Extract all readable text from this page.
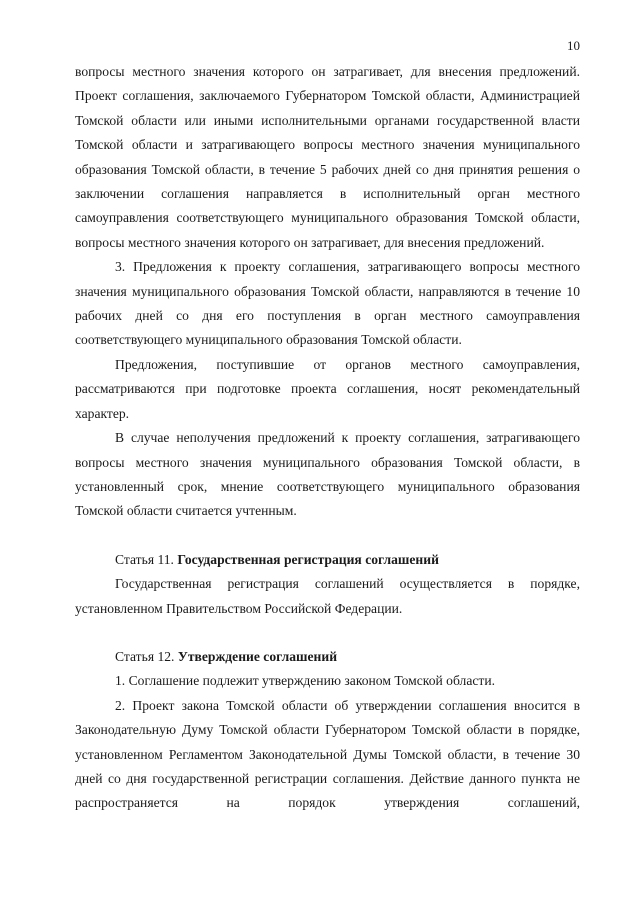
10

вопросы местного значения которого он затрагивает, для внесения предложений. Проект соглашения, заключаемого Губернатором Томской области, Администрацией Томской области или иными исполнительными органами государственной власти Томской области и затрагивающего вопросы местного значения муниципального образования Томской области, в течение 5 рабочих дней со дня принятия решения о заключении соглашения направляется в исполнительный орган местного самоуправления соответствующего муниципального образования Томской области, вопросы местного значения которого он затрагивает, для внесения предложений.

3. Предложения к проекту соглашения, затрагивающего вопросы местного значения муниципального образования Томской области, направляются в течение 10 рабочих дней со дня его поступления в орган местного самоуправления соответствующего муниципального образования Томской области.

Предложения, поступившие от органов местного самоуправления, рассматриваются при подготовке проекта соглашения, носят рекомендательный характер.

В случае неполучения предложений к проекту соглашения, затрагивающего вопросы местного значения муниципального образования Томской области, в установленный срок, мнение соответствующего муниципального образования Томской области считается учтенным.

Статья 11. Государственная регистрация соглашений

Государственная регистрация соглашений осуществляется в порядке, установленном Правительством Российской Федерации.

Статья 12. Утверждение соглашений

1. Соглашение подлежит утверждению законом Томской области.

2. Проект закона Томской области об утверждении соглашения вносится в Законодательную Думу Томской области Губернатором Томской области в порядке, установленном Регламентом Законодательной Думы Томской области, в течение 30 дней со дня государственной регистрации соглашения. Действие данного пункта не распространяется на порядок утверждения соглашений,
